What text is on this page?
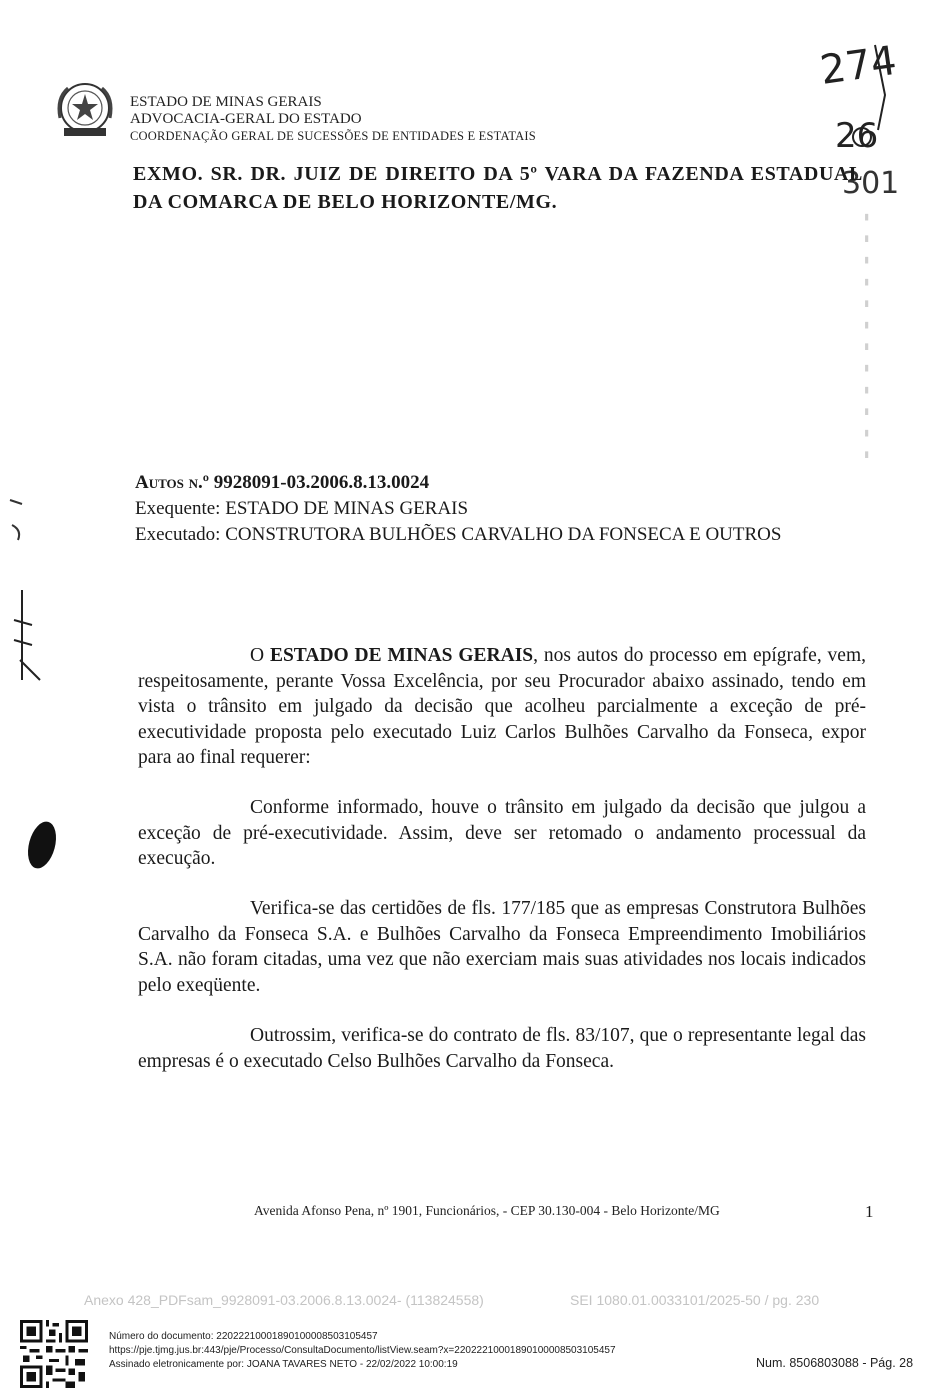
ESTADO DE MINAS GERAIS
ADVOCACIA-GERAL DO ESTADO
COORDENAÇÃO GERAL DE SUCESSÕES DE ENTIDADES E ESTATAIS
274
26
301
EXMO. SR. DR. JUIZ DE DIREITO DA 5º VARA DA FAZENDA ESTADUAL DA COMARCA DE BELO HORIZONTE/MG.
▮ ▮ ▮ ▮ ▮ ▮ ▮ ▮ ▮ ▮ ▮ ▮
Autos n.º 9928091-03.2006.8.13.0024
Exequente: ESTADO DE MINAS GERAIS
Executado: CONSTRUTORA BULHÕES CARVALHO DA FONSECA E OUTROS
O ESTADO DE MINAS GERAIS, nos autos do processo em epígrafe, vem, respeitosamente, perante Vossa Excelência, por seu Procurador abaixo assinado, tendo em vista o trânsito em julgado da decisão que acolheu parcialmente a exceção de pré-executividade proposta pelo executado Luiz Carlos Bulhões Carvalho da Fonseca, expor para ao final requerer:
Conforme informado, houve o trânsito em julgado da decisão que julgou a exceção de pré-executividade. Assim, deve ser retomado o andamento processual da execução.
Verifica-se das certidões de fls. 177/185 que as empresas Construtora Bulhões Carvalho da Fonseca S.A. e Bulhões Carvalho da Fonseca Empreendimento Imobiliários S.A. não foram citadas, uma vez que não exerciam mais suas atividades nos locais indicados pelo exeqüente.
Outrossim, verifica-se do contrato de fls. 83/107, que o representante legal das empresas é o executado Celso Bulhões Carvalho da Fonseca.
Avenida Afonso Pena, nº 1901, Funcionários, - CEP 30.130-004 - Belo Horizonte/MG	1
Anexo 428_PDFsam_9928091-03.2006.8.13.0024- (113824558)	SEI 1080.01.0033101/2025-50 / pg. 230
Número do documento: 22022210001890100008503105457
https://pje.tjmg.jus.br:443/pje/Processo/ConsultaDocumento/listView.seam?x=22022210001890100008503105457
Assinado eletronicamente por: JOANA TAVARES NETO - 22/02/2022 10:00:19	Num. 8506803088 - Pág. 28
